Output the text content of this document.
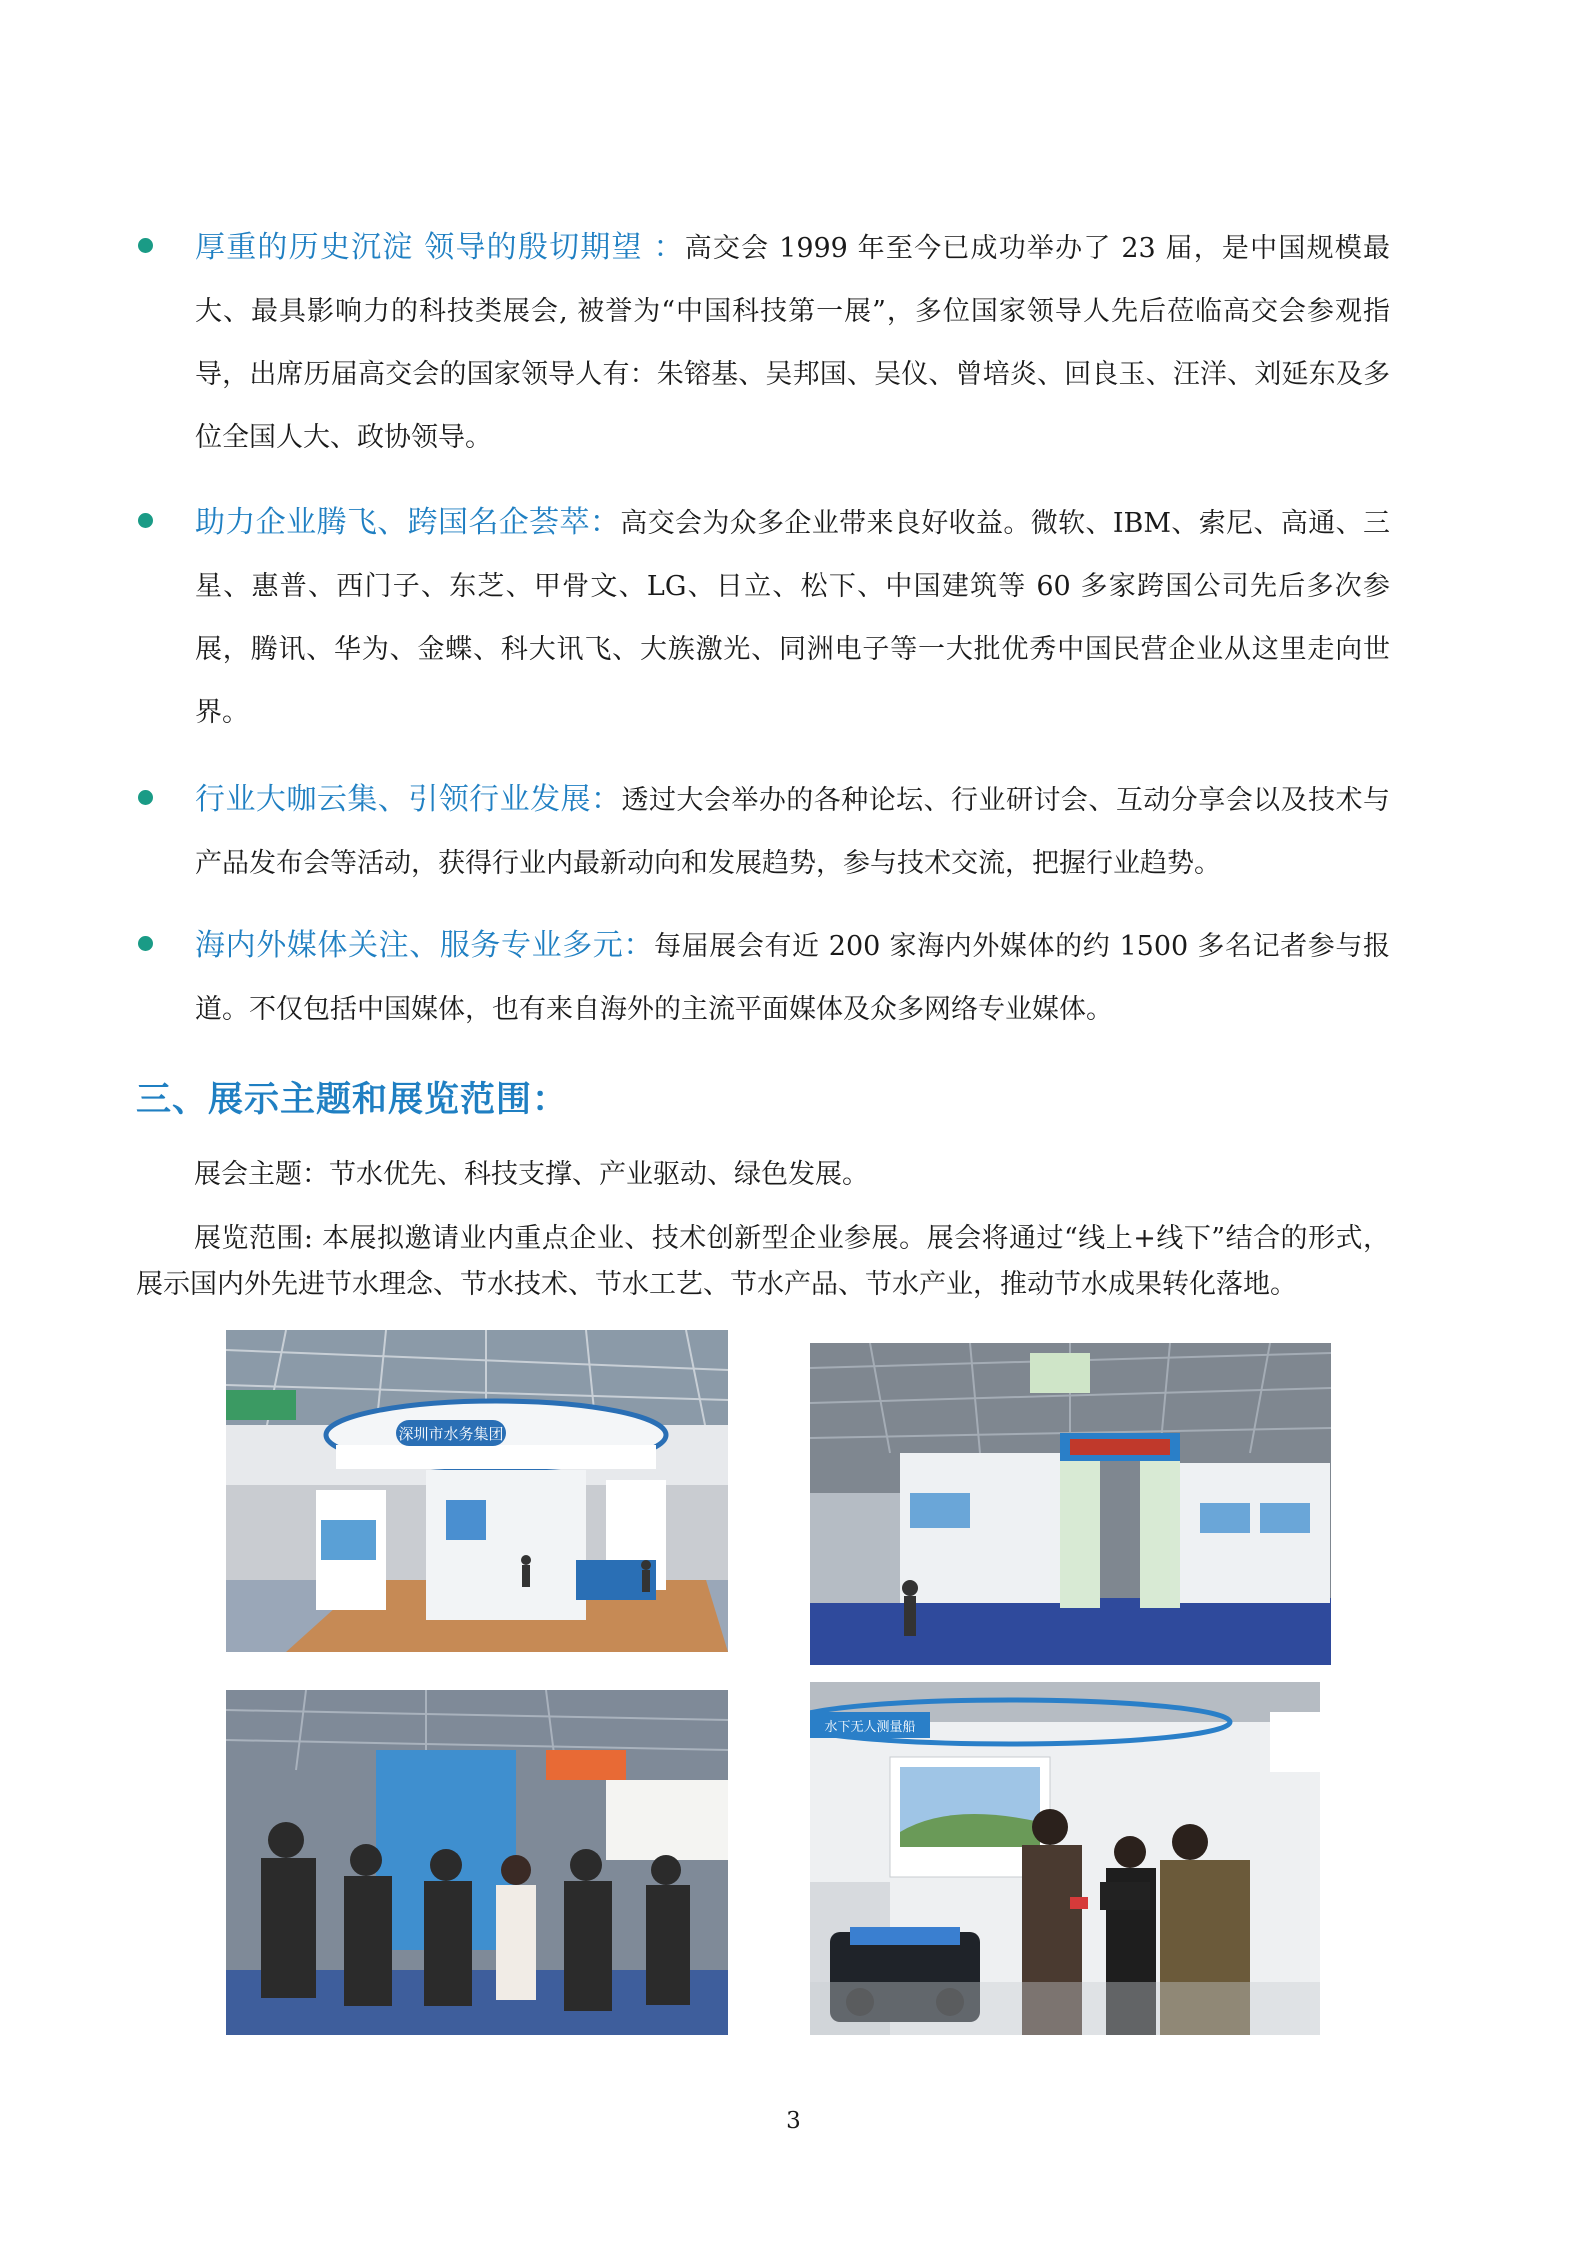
厚重的历史沉淀 领导的殷切期望 ：高交会 1999 年至今已成功举办了 23 届，是中国规模最大、最具影响力的科技类展会, 被誉为“中国科技第一展”，多位国家领导人先后莅临高交会参观指导，出席历届高交会的国家领导人有：朱镕基、吴邦国、吴仪、曾培炎、回良玉、汪洋、刘延东及多位全国人大、政协领导。
助力企业腾飞、跨国名企荟萃：高交会为众多企业带来良好收益。微软、IBM、索尼、高通、三星、惠普、西门子、东芝、甲骨文、LG、日立、松下、中国建筑等 60 多家跨国公司先后多次参展，腾讯、华为、金蝶、科大讯飞、大族激光、同洲电子等一大批优秀中国民营企业从这里走向世界。
行业大咖云集、引领行业发展：透过大会举办的各种论坛、行业研讨会、互动分享会以及技术与产品发布会等活动，获得行业内最新动向和发展趋势，参与技术交流，把握行业趋势。
海内外媒体关注、服务专业多元：每届展会有近 200 家海内外媒体的约 1500 多名记者参与报道。不仅包括中国媒体，也有来自海外的主流平面媒体及众多网络专业媒体。
三、展示主题和展览范围：
展会主题：节水优先、科技支撑、产业驱动、绿色发展。
展览范围: 本展拟邀请业内重点企业、技术创新型企业参展。展会将通过“线上+线下”结合的形式，展示国内外先进节水理念、节水技术、节水工艺、节水产品、节水产业，推动节水成果转化落地。
深圳市水务集团
水下无人测量船
3
